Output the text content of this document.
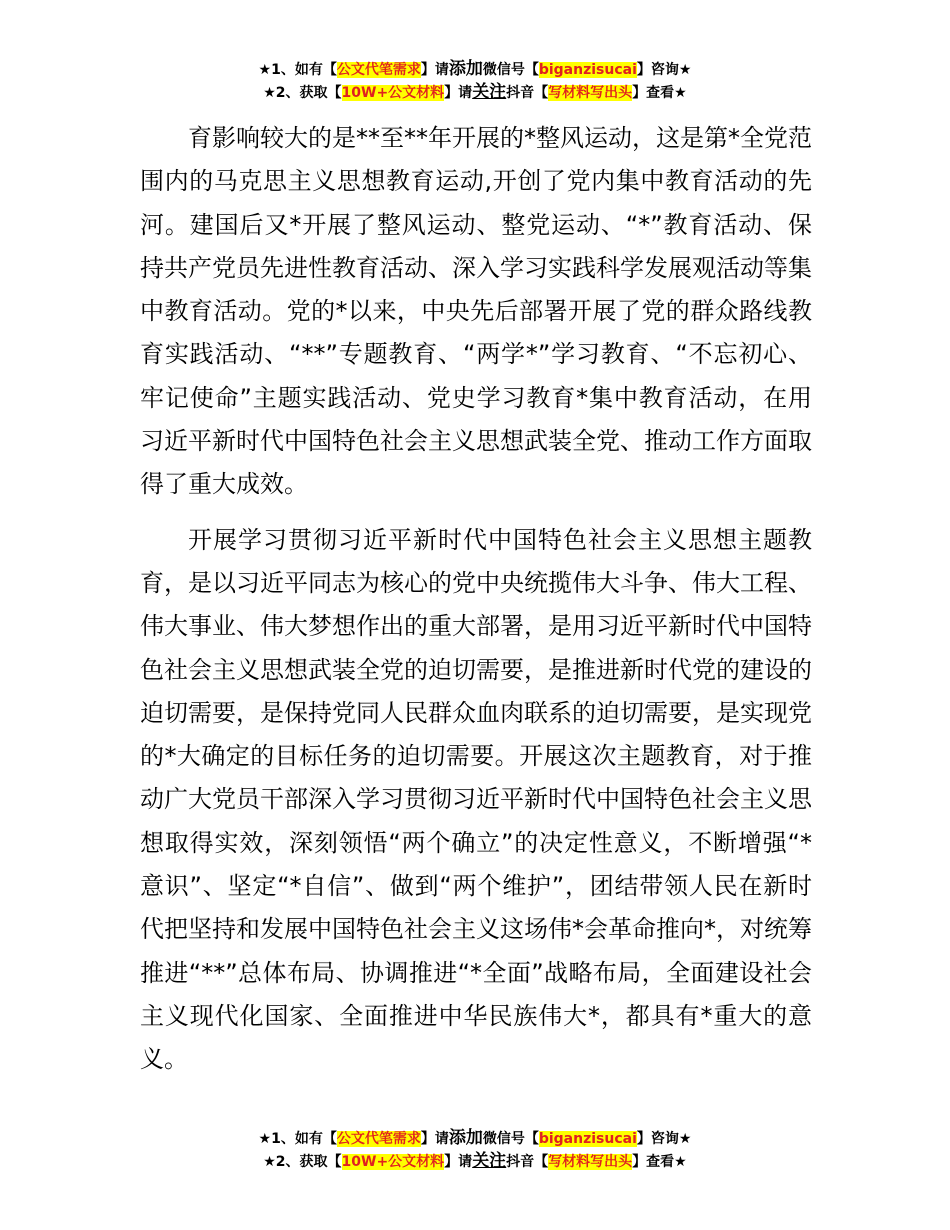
★1、如有【公文代笔需求】请添加微信号【biganzisucai】咨询★
★2、获取【10W+公文材料】请关注抖音【写材料写出头】查看★

育影响较大的是**至**年开展的*整风运动，这是第*全党范围内的马克思主义思想教育运动,开创了党内集中教育活动的先河。建国后又*开展了整风运动、整党运动、“*”教育活动、保持共产党员先进性教育活动、深入学习实践科学发展观活动等集中教育活动。党的*以来，中央先后部署开展了党的群众路线教育实践活动、“**”专题教育、“两学*”学习教育、“不忘初心、牢记使命”主题实践活动、党史学习教育*集中教育活动，在用习近平新时代中国特色社会主义思想武装全党、推动工作方面取得了重大成效。

开展学习贯彻习近平新时代中国特色社会主义思想主题教育，是以习近平同志为核心的党中央统揽伟大斗争、伟大工程、伟大事业、伟大梦想作出的重大部署，是用习近平新时代中国特色社会主义思想武装全党的迫切需要，是推进新时代党的建设的迫切需要，是保持党同人民群众血肉联系的迫切需要，是实现党的*大确定的目标任务的迫切需要。开展这次主题教育，对于推动广大党员干部深入学习贯彻习近平新时代中国特色社会主义思想取得实效，深刻领悟“两个确立”的决定性意义，不断增强“*意识”、坚定“*自信”、做到“两个维护”，团结带领人民在新时代把坚持和发展中国特色社会主义这场伟*会革命推向*，对统筹推进“**”总体布局、协调推进“*全面”战略布局，全面建设社会主义现代化国家、全面推进中华民族伟大*，都具有*重大的意义。

★1、如有【公文代笔需求】请添加微信号【biganzisucai】咨询★
★2、获取【10W+公文材料】请关注抖音【写材料写出头】查看★
